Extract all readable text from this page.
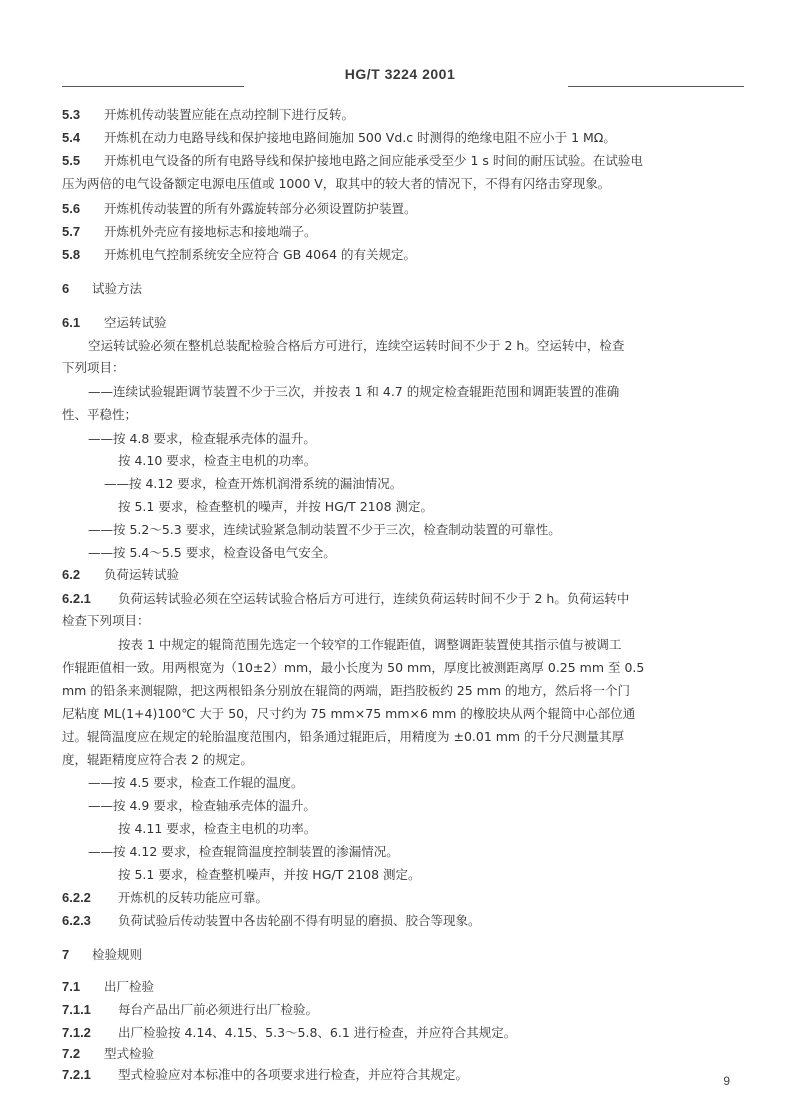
HG/T 3224 2001
5.3 开炼机传动装置应能在点动控制下进行反转。
5.4 开炼机在动力电路导线和保护接地电路间施加 500 Vd.c 时测得的绝缘电阻不应小于 1 MΩ。
5.5 开炼机电气设备的所有电路导线和保护接地电路之间应能承受至少 1 s 时间的耐压试验。在试验电
压为两倍的电气设备额定电源电压值或 1000 V，取其中的较大者的情况下，不得有闪络击穿现象。
5.6 开炼机传动装置的所有外露旋转部分必须设置防护装置。
5.7 开炼机外壳应有接地标志和接地端子。
5.8 开炼机电气控制系统安全应符合 GB 4064 的有关规定。
6 试验方法
6.1 空运转试验
空运转试验必须在整机总装配检验合格后方可进行，连续空运转时间不少于 2 h。空运转中，检查
下列项目：
——连续试验辊距调节装置不少于三次，并按表 1 和 4.7 的规定检查辊距范围和调距装置的准确
性、平稳性；
——按 4.8 要求，检查辊承壳体的温升。
按 4.10 要求，检查主电机的功率。
——按 4.12 要求，检查开炼机润滑系统的漏油情况。
按 5.1 要求，检查整机的噪声，并按 HG/T 2108 测定。
——按 5.2～5.3 要求，连续试验紧急制动装置不少于三次，检查制动装置的可靠性。
——按 5.4～5.5 要求，检查设备电气安全。
6.2 负荷运转试验
6.2.1 负荷运转试验必须在空运转试验合格后方可进行，连续负荷运转时间不少于 2 h。负荷运转中
检查下列项目：
按表 1 中规定的辊筒范围先选定一个较窄的工作辊距值，调整调距装置使其指示值与被调工
作辊距值相一致。用两根宽为（10±2）mm，最小长度为 50 mm，厚度比被测距离厚 0.25 mm 至 0.5
mm 的铅条来测辊隙，把这两根铅条分别放在辊筒的两端，距挡胶板约 25 mm 的地方，然后将一个门
尼粘度 ML(1+4)100℃ 大于 50，尺寸约为 75 mm×75 mm×6 mm 的橡胶块从两个辊筒中心部位通
过。辊筒温度应在规定的轮胎温度范围内，铅条通过辊距后，用精度为 ±0.01 mm 的千分尺测量其厚
度，辊距精度应符合表 2 的规定。
——按 4.5 要求，检查工作辊的温度。
——按 4.9 要求，检查轴承壳体的温升。
按 4.11 要求，检查主电机的功率。
——按 4.12 要求，检查辊筒温度控制装置的渗漏情况。
按 5.1 要求，检查整机噪声，并按 HG/T 2108 测定。
6.2.2 开炼机的反转功能应可靠。
6.2.3 负荷试验后传动装置中各齿轮副不得有明显的磨损、胶合等现象。
7 检验规则
7.1 出厂检验
7.1.1 每台产品出厂前必须进行出厂检验。
7.1.2 出厂检验按 4.14、4.15、5.3～5.8、6.1 进行检查，并应符合其规定。
7.2 型式检验
7.2.1 型式检验应对本标准中的各项要求进行检查，并应符合其规定。	9
